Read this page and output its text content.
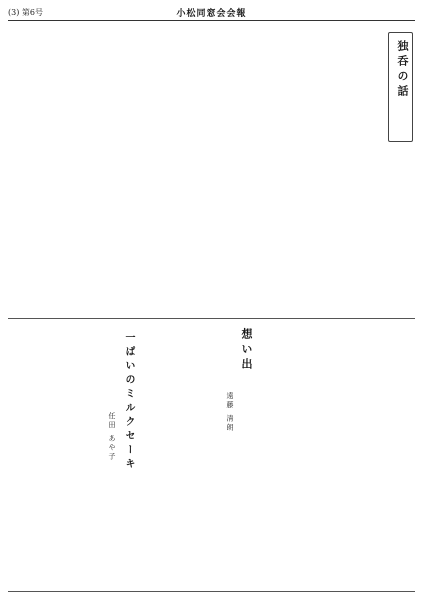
(3) 第6号	小松同窓会会報
独呑の話
想い出
遠藤 清朗
一ぱいのミルクセーキ
任田 あや子
